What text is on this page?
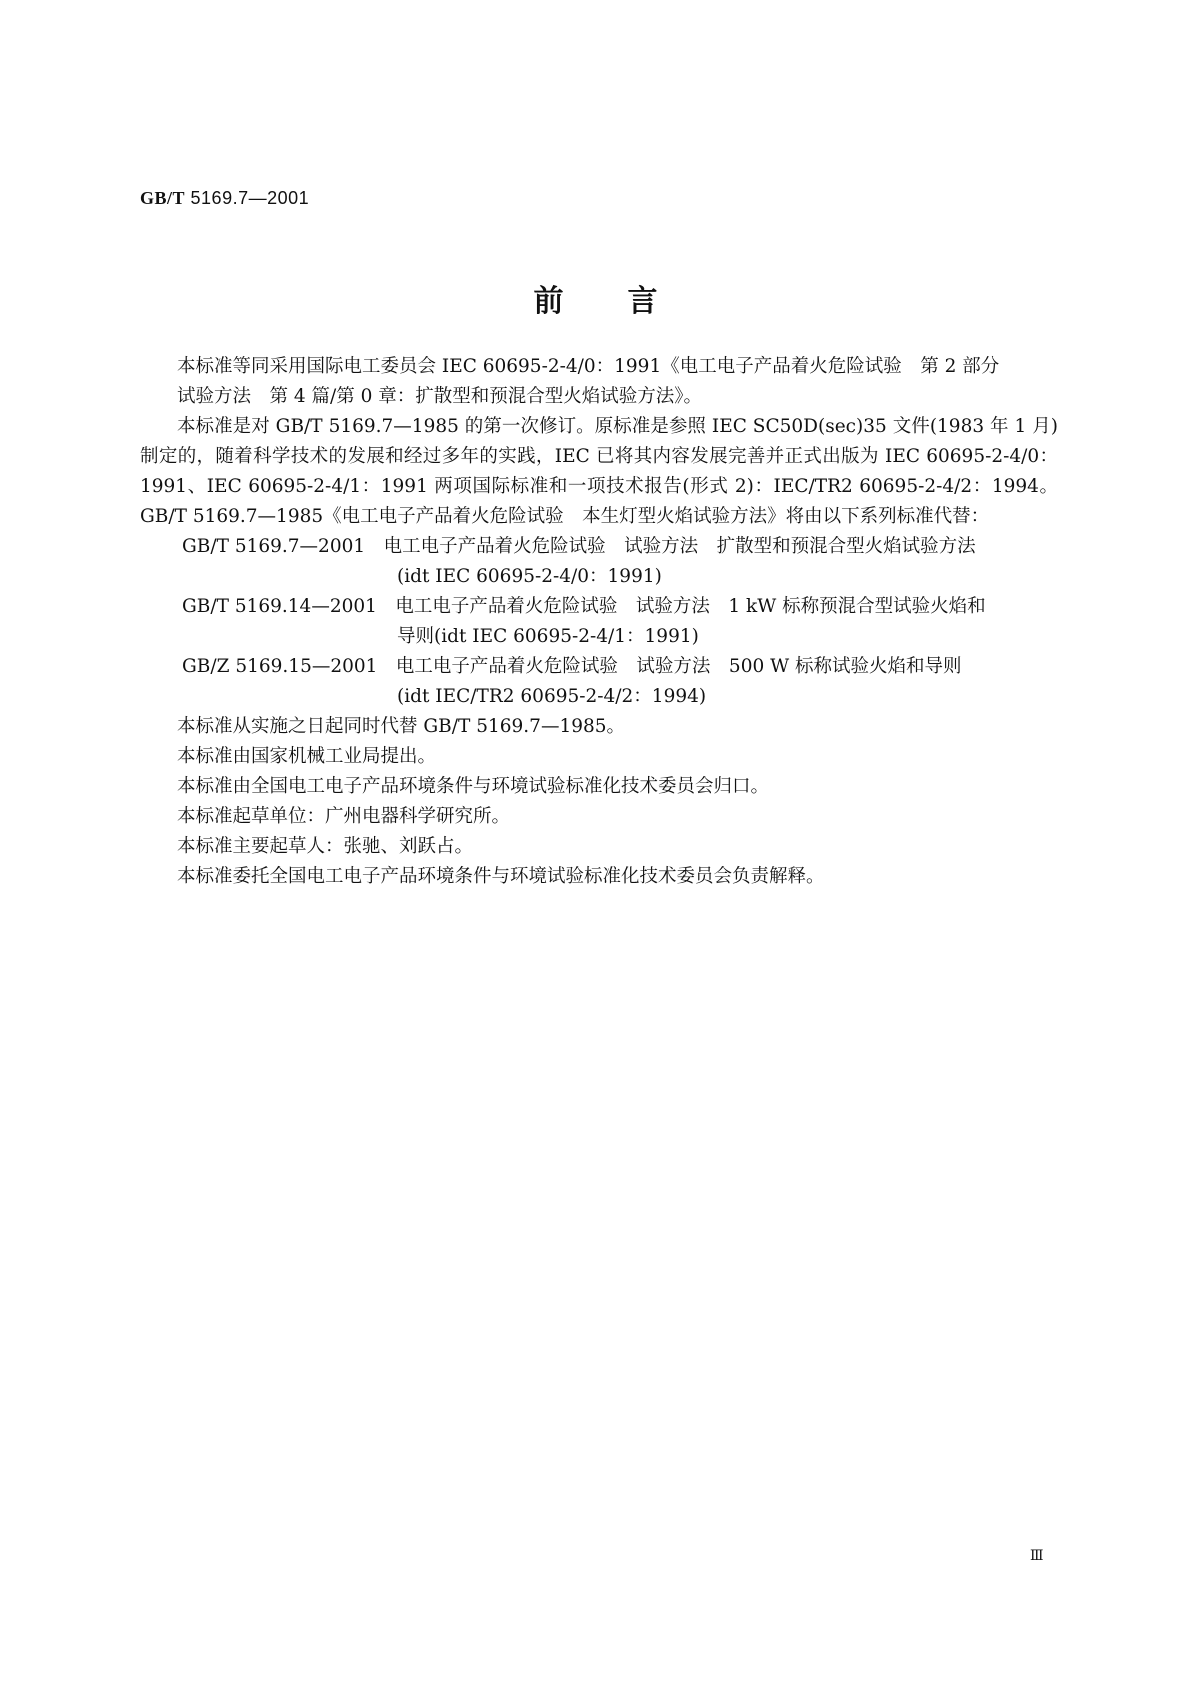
GB/T 5169.7—2001
前言

本标准等同采用国际电工委员会 IEC 60695-2-4/0：1991《电工电子产品着火危险试验　第 2 部分

试验方法　第 4 篇/第 0 章：扩散型和预混合型火焰试验方法》。

本标准是对 GB/T 5169.7—1985 的第一次修订。原标准是参照 IEC SC50D(sec)35 文件(1983 年 1 月)制定的，随着科学技术的发展和经过多年的实践，IEC 已将其内容发展完善并正式出版为 IEC 60695-2-4/0：1991、IEC 60695-2-4/1：1991 两项国际标准和一项技术报告(形式 2)：IEC/TR2 60695-2-4/2：1994。GB/T 5169.7—1985《电工电子产品着火危险试验　本生灯型火焰试验方法》将由以下系列标准代替：

GB/T 5169.7—2001　电工电子产品着火危险试验　试验方法　扩散型和预混合型火焰试验方法
(idt IEC 60695-2-4/0：1991)
GB/T 5169.14—2001　电工电子产品着火危险试验　试验方法　1 kW 标称预混合型试验火焰和
导则(idt IEC 60695-2-4/1：1991)
GB/Z 5169.15—2001　电工电子产品着火危险试验　试验方法　500 W 标称试验火焰和导则
(idt IEC/TR2 60695-2-4/2：1994)

本标准从实施之日起同时代替 GB/T 5169.7—1985。

本标准由国家机械工业局提出。

本标准由全国电工电子产品环境条件与环境试验标准化技术委员会归口。

本标准起草单位：广州电器科学研究所。

本标准主要起草人：张驰、刘跃占。

本标准委托全国电工电子产品环境条件与环境试验标准化技术委员会负责解释。

Ⅲ
